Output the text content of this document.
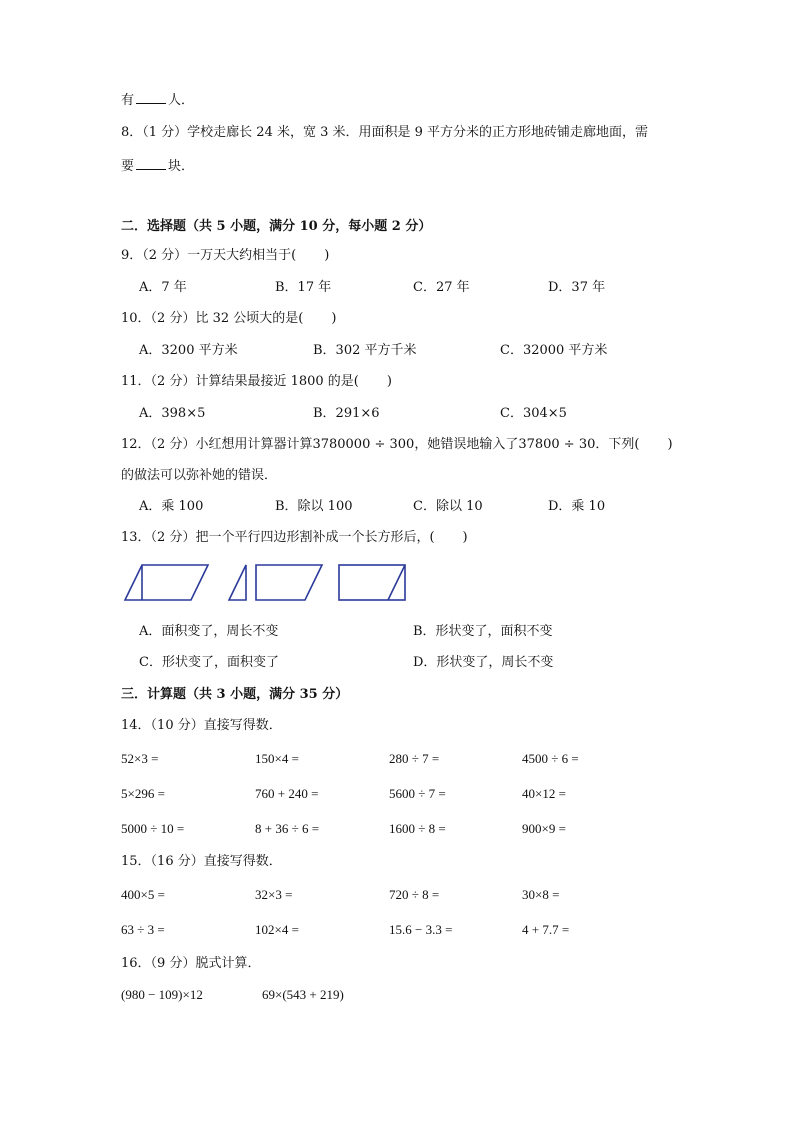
有	人．
8．（1 分）学校走廊长 24 米，宽 3 米．用面积是 9 平方分米的正方形地砖铺走廊地面，需
要	块．
二．选择题（共 5 小题，满分 10 分，每小题 2 分）
9．（2 分）一万天大约相当于( )
A．7 年	B．17 年	C．27 年	D．37 年
10．（2 分）比 32 公顷大的是( )
A．3200 平方米	B．302 平方千米	C．32000 平方米
11．（2 分）计算结果最接近 1800 的是( )
A．398×5	B．291×6	C．304×5
12．（2 分）小红想用计算器计算3780000 ÷ 300，她错误地输入了37800 ÷ 30．下列( )
的做法可以弥补她的错误．
A．乘 100	B．除以 100	C．除以 10	D．乘 10
13．（2 分）把一个平行四边形割补成一个长方形后，( )
A．面积变了，周长不变	B．形状变了，面积不变
C．形状变了，面积变了	D．形状变了，周长不变
三．计算题（共 3 小题，满分 35 分）
14．（10 分）直接写得数．
52×3 =	150×4 =	280 ÷ 7 =	4500 ÷ 6 =
5×296 =	760 + 240 =	5600 ÷ 7 =	40×12 =
5000 ÷ 10 =	8 + 36 ÷ 6 =	1600 ÷ 8 =	900×9 =
15．（16 分）直接写得数．
400×5 =	32×3 =	720 ÷ 8 =	30×8 =
63 ÷ 3 =	102×4 =	15.6 − 3.3 =	4 + 7.7 =
16．（9 分）脱式计算．
(980 − 109)×12	69×(543 + 219)
